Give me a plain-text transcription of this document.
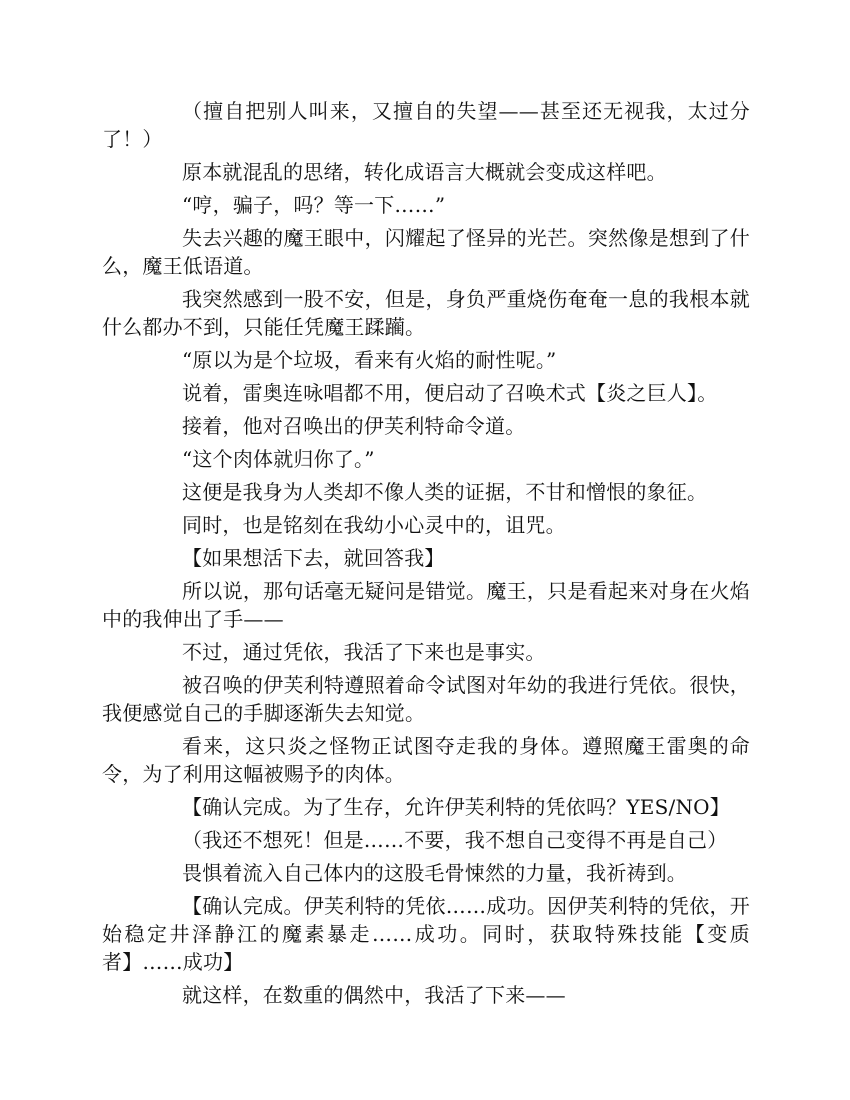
（擅自把别人叫来，又擅自的失望——甚至还无视我，太过分了！）

原本就混乱的思绪，转化成语言大概就会变成这样吧。

“哼，骗子，吗？等一下……”

失去兴趣的魔王眼中，闪耀起了怪异的光芒。突然像是想到了什么，魔王低语道。

我突然感到一股不安，但是，身负严重烧伤奄奄一息的我根本就什么都办不到，只能任凭魔王蹂躏。

“原以为是个垃圾，看来有火焰的耐性呢。”

说着，雷奥连咏唱都不用，便启动了召唤术式【炎之巨人】。

接着，他对召唤出的伊芙利特命令道。

“这个肉体就归你了。”

这便是我身为人类却不像人类的证据，不甘和憎恨的象征。

同时，也是铭刻在我幼小心灵中的，诅咒。

【如果想活下去，就回答我】

所以说，那句话毫无疑问是错觉。魔王，只是看起来对身在火焰中的我伸出了手——

不过，通过凭依，我活了下来也是事实。

被召唤的伊芙利特遵照着命令试图对年幼的我进行凭依。很快，我便感觉自己的手脚逐渐失去知觉。

看来，这只炎之怪物正试图夺走我的身体。遵照魔王雷奥的命令，为了利用这幅被赐予的肉体。

【确认完成。为了生存，允许伊芙利特的凭依吗？YES/NO】

（我还不想死！但是……不要，我不想自己变得不再是自己）

畏惧着流入自己体内的这股毛骨悚然的力量，我祈祷到。

【确认完成。伊芙利特的凭依……成功。因伊芙利特的凭依，开始稳定井泽静江的魔素暴走……成功。同时，获取特殊技能【变质者】……成功】

就这样，在数重的偶然中，我活了下来——
